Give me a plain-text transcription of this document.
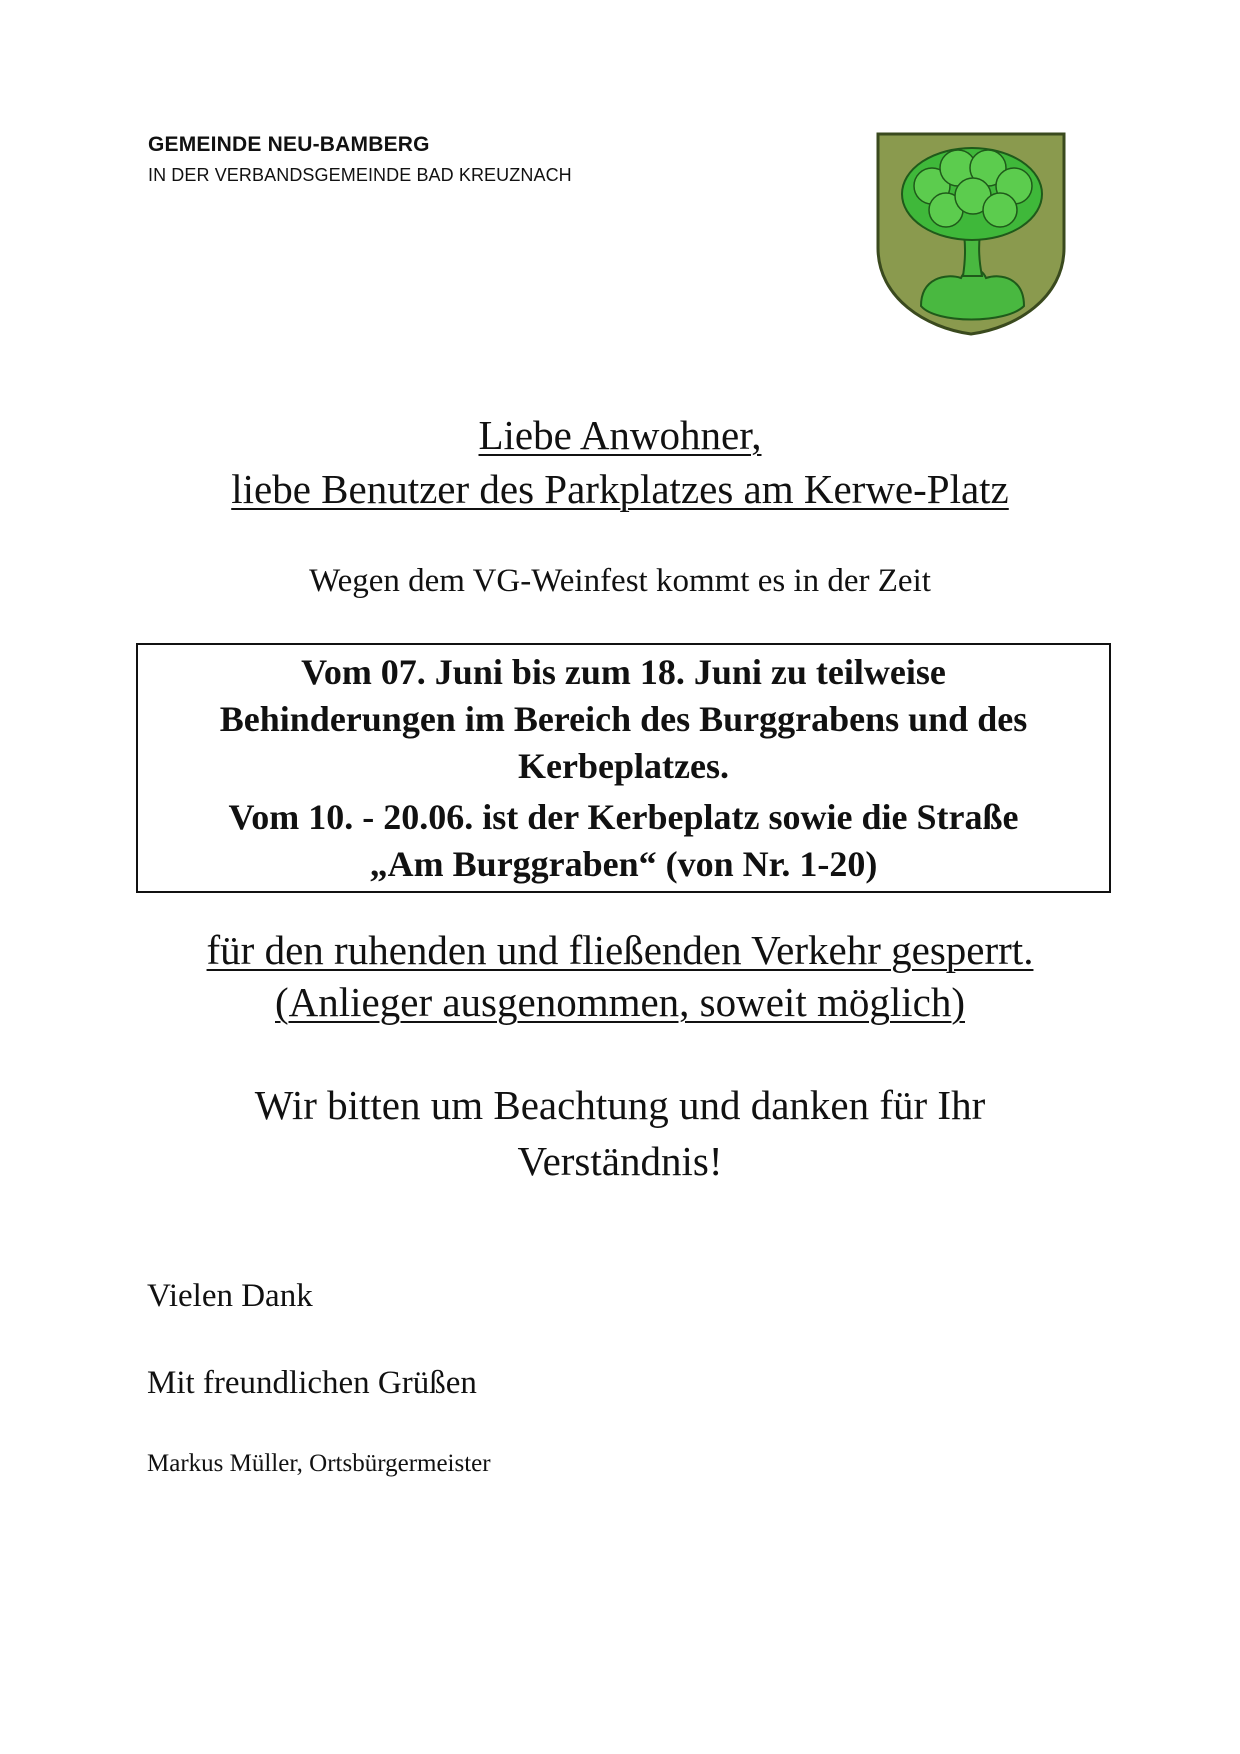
GEMEINDE NEU-BAMBERG
IN DER VERBANDSGEMEINDE BAD KREUZNACH
Liebe Anwohner,
liebe Benutzer des Parkplatzes am Kerwe-Platz
Wegen dem VG-Weinfest kommt es in der Zeit
Vom 07. Juni bis zum 18. Juni zu teilweise
Behinderungen im Bereich des Burggrabens und des
Kerbeplatzes.
Vom 10. - 20.06. ist der Kerbeplatz sowie die Straße
„Am Burggraben“ (von Nr. 1-20)
für den ruhenden und fließenden Verkehr gesperrt.
(Anlieger ausgenommen, soweit möglich)
Wir bitten um Beachtung und danken für Ihr
Verständnis!
Vielen Dank
Mit freundlichen Grüßen
Markus Müller, Ortsbürgermeister
